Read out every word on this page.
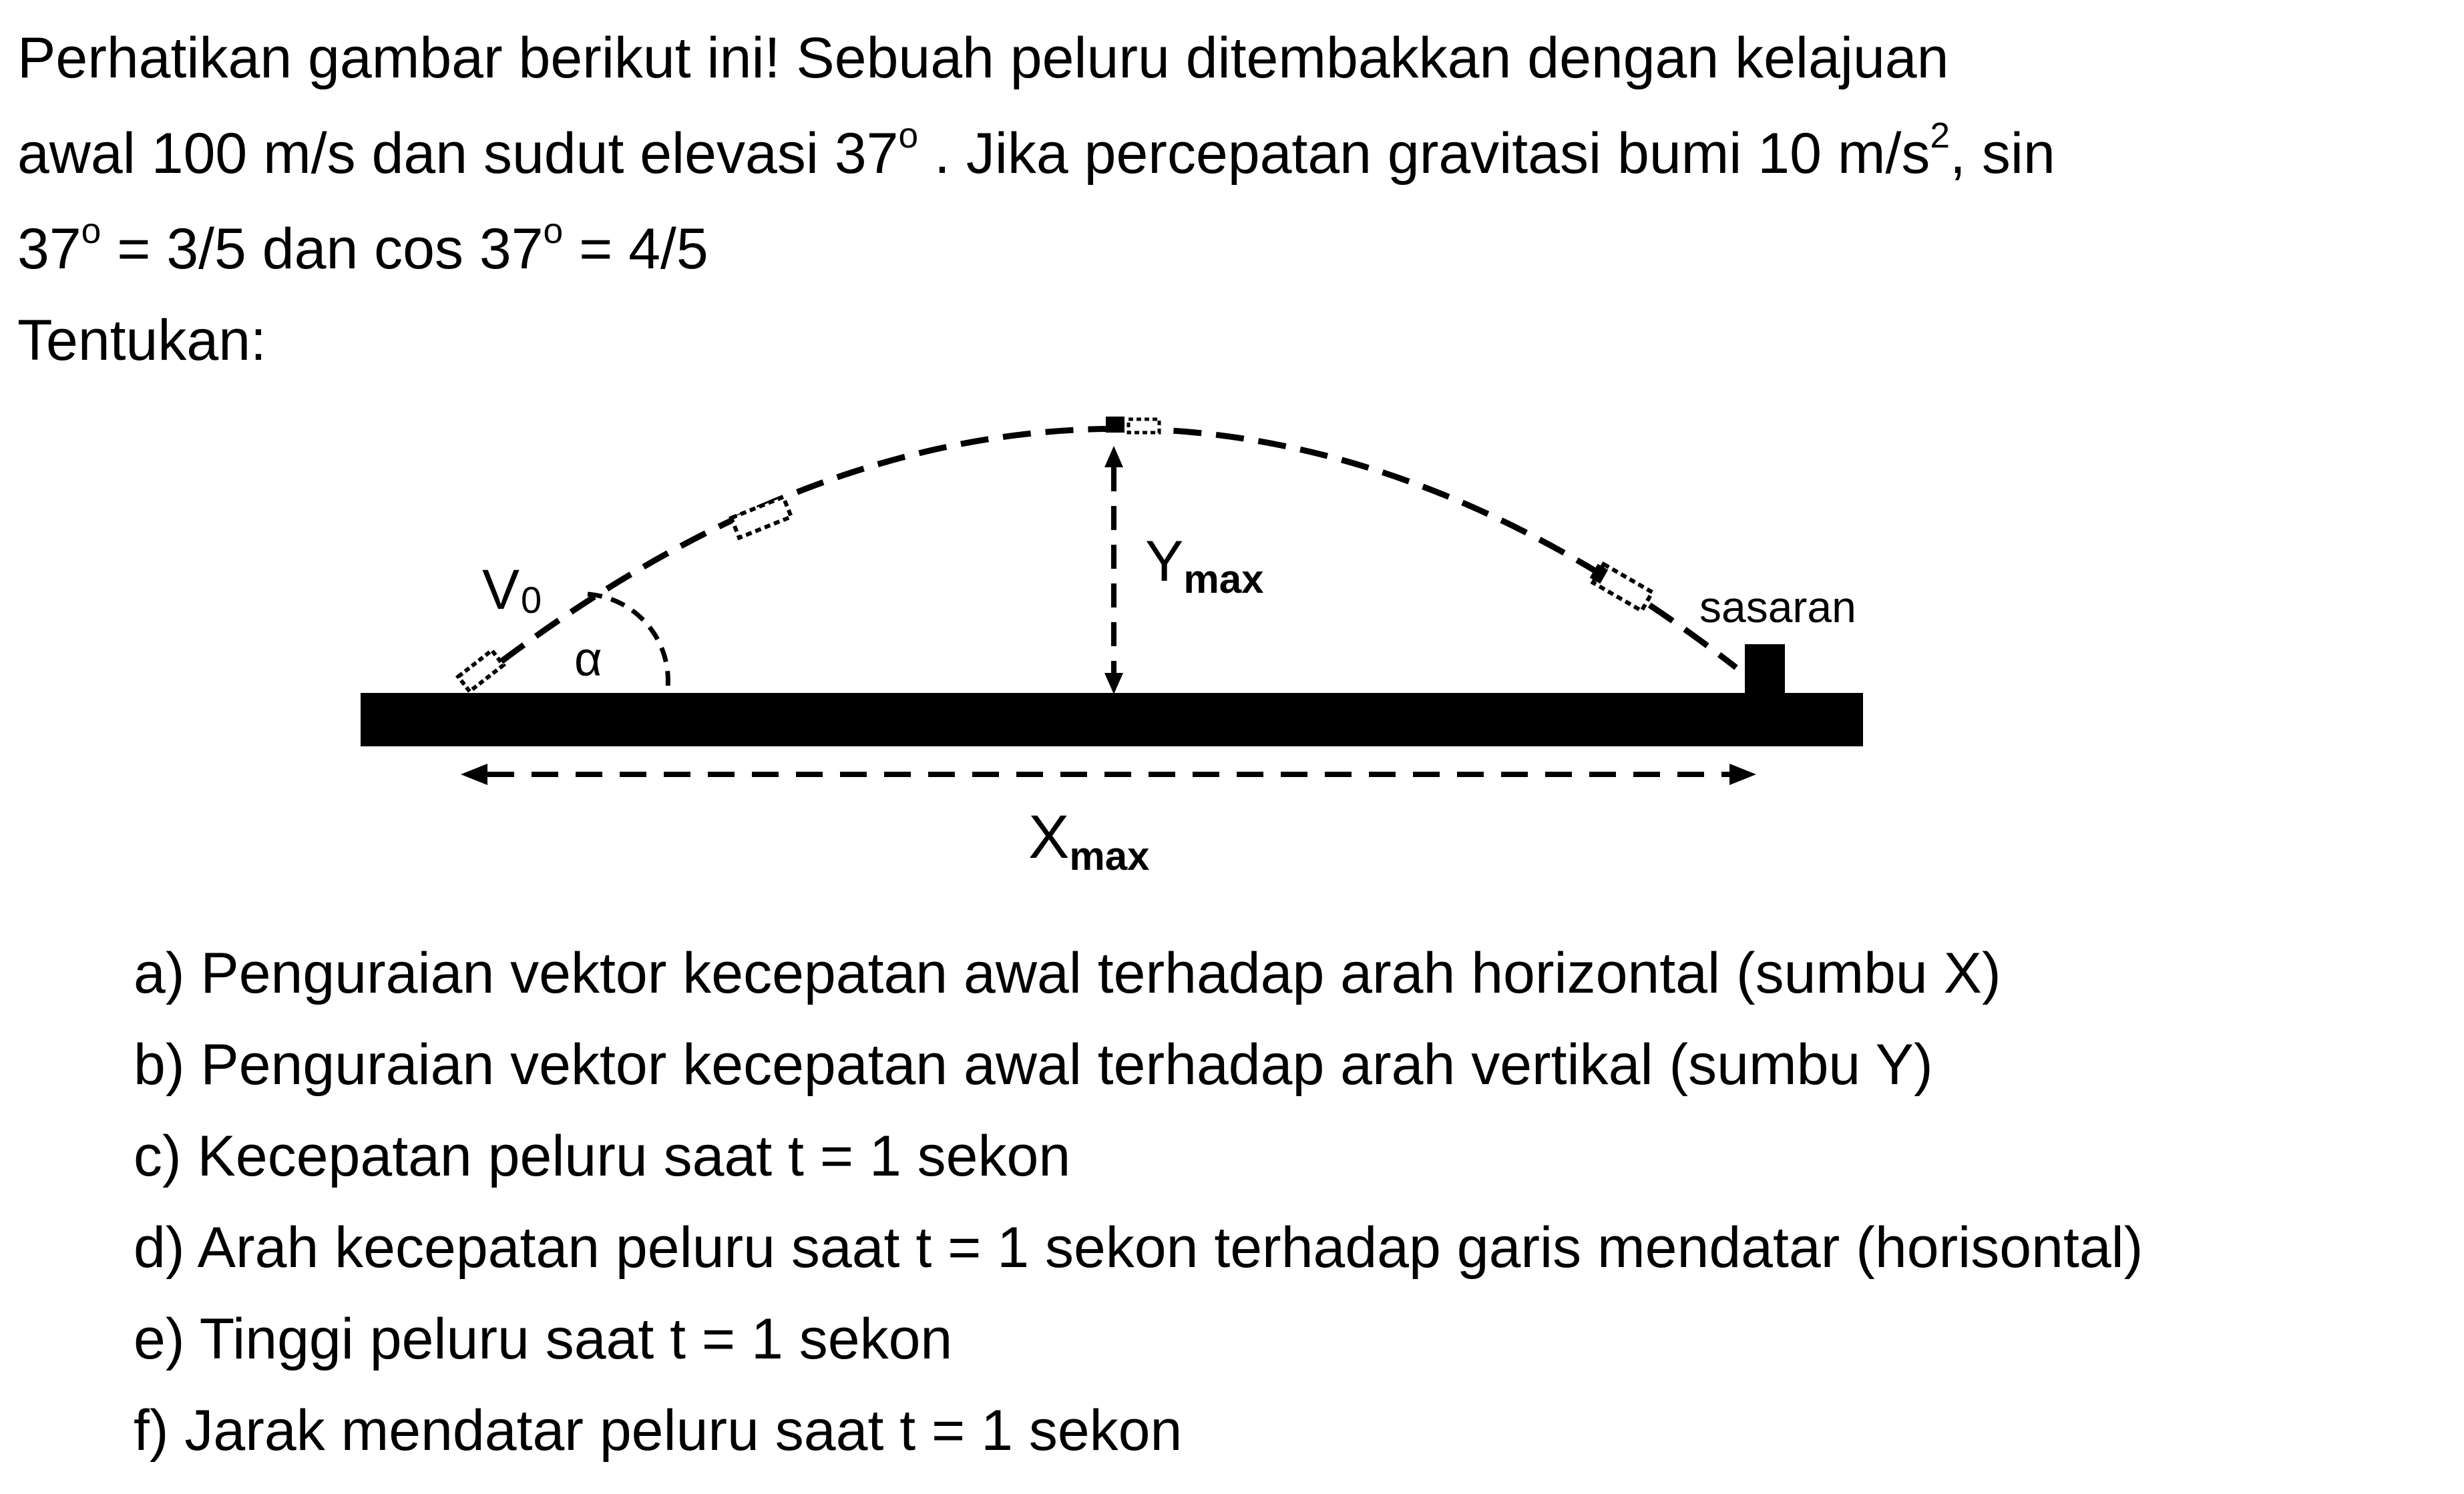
Perhatikan gambar berikut ini! Sebuah peluru ditembakkan dengan kelajuan
awal 100 m/s dan sudut elevasi 37$^o$ . Jika percepatan gravitasi bumi 10 $m/s^2$, sin
$37^o = 3/5$ dan $\cos 37^o = 4/5$
Tentukan:
V0
α
$Y_{max}$
sasaran
Xmax
a) Penguraian vektor kecepatan awal terhadap arah horizontal (sumbu X)
b) Penguraian vektor kecepatan awal terhadap arah vertikal (sumbu Y)
c) Kecepatan peluru saat t = 1 sekon
d) Arah kecepatan peluru saat t = 1 sekon terhadap garis mendatar (horisontal)
e) Tinggi peluru saat t = 1 sekon
f) Jarak mendatar peluru saat t = 1 sekon
